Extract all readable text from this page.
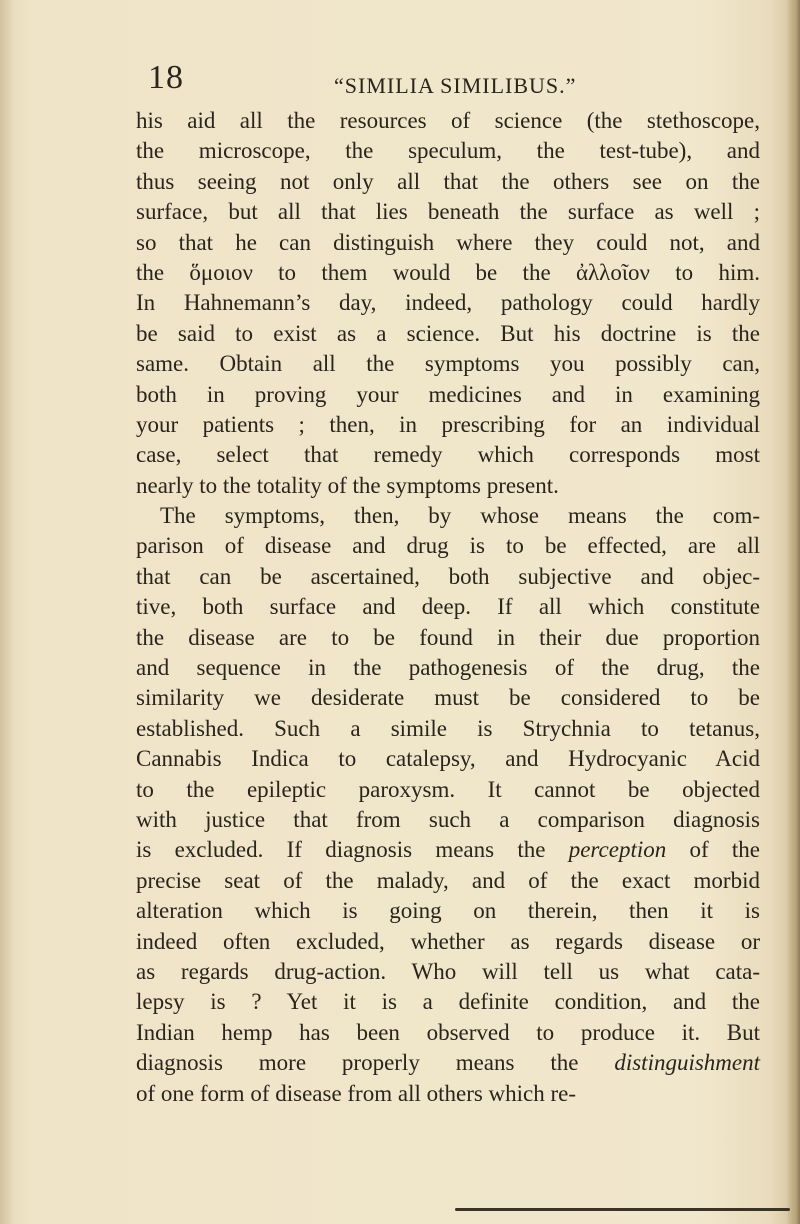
18	“SIMILIA SIMILIBUS.”
his aid all the resources of science (the stethoscope,
the microscope, the speculum, the test-tube), and
thus seeing not only all that the others see on the
surface, but all that lies beneath the surface as well ;
so that he can distinguish where they could not, and
the ὅμοιον to them would be the ἀλλοῖον to him.
In Hahnemann’s day, indeed, pathology could hardly
be said to exist as a science. But his doctrine is the
same. Obtain all the symptoms you possibly can,
both in proving your medicines and in examining
your patients ; then, in prescribing for an individual
case, select that remedy which corresponds most
nearly to the totality of the symptoms present.
The symptoms, then, by whose means the com-
parison of disease and drug is to be effected, are all
that can be ascertained, both subjective and objec-
tive, both surface and deep. If all which constitute
the disease are to be found in their due proportion
and sequence in the pathogenesis of the drug, the
similarity we desiderate must be considered to be
established. Such a simile is Strychnia to tetanus,
Cannabis Indica to catalepsy, and Hydrocyanic Acid
to the epileptic paroxysm. It cannot be objected
with justice that from such a comparison diagnosis
is excluded. If diagnosis means the perception of the
precise seat of the malady, and of the exact morbid
alteration which is going on therein, then it is
indeed often excluded, whether as regards disease or
as regards drug-action. Who will tell us what cata-
lepsy is ? Yet it is a definite condition, and the
Indian hemp has been observed to produce it. But
diagnosis more properly means the distinguishment
of one form of disease from all others which re-
